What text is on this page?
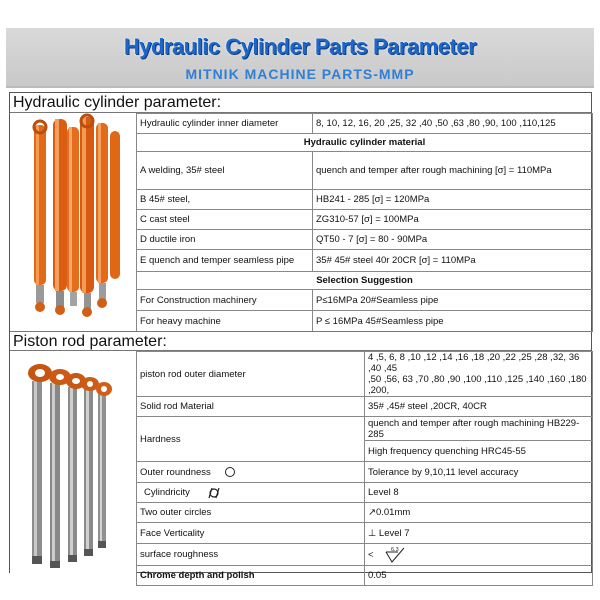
Hydraulic Cylinder Parts Parameter
MITNIK MACHINE PARTS-MMP
Hydraulic cylinder parameter:
Hydraulic cylinder inner diameter	8, 10, 12, 16, 20 ,25, 32 ,40 ,50 ,63 ,80 ,90, 100 ,110,125
Hydraulic cylinder material	
A welding, 35# steel	quench and temper after rough machining [σ] = 110MPa
B 45# steel,	HB241 - 285 [σ] = 120MPa
C cast steel	ZG310-57 [σ] = 100MPa
D ductile iron	QT50 - 7 [σ] = 80 - 90MPa
E quench and temper seamless pipe	35# 45# steel 40r 20CR [σ] = 110MPa
Selection Suggestion	
For Construction machinery	P≤16MPa 20#Seamless pipe
For heavy machine	P ≤ 16MPa 45#Seamless pipe
Piston rod parameter:
piston rod outer diameter	4 ,5, 6, 8 ,10 ,12 ,14 ,16 ,18 ,20 ,22 ,25 ,28 ,32, 36 ,40 ,45
,50 ,56, 63 ,70 ,80 ,90 ,100 ,110 ,125 ,140 ,160 ,180 ,200,

Solid rod Material	35# ,45# steel ,20CR, 40CR
Hardness	quench and temper after rough machining HB229-285
	High frequency quenching HRC45-55
Outer roundness	Tolerance by 9,10,11 level accuracy
Cylindricity	Level 8
Two outer circles	↗0.01mm
Face Verticality	⊥ Level 7
surface roughness	< 6.3

Chrome depth and polish	0.05
